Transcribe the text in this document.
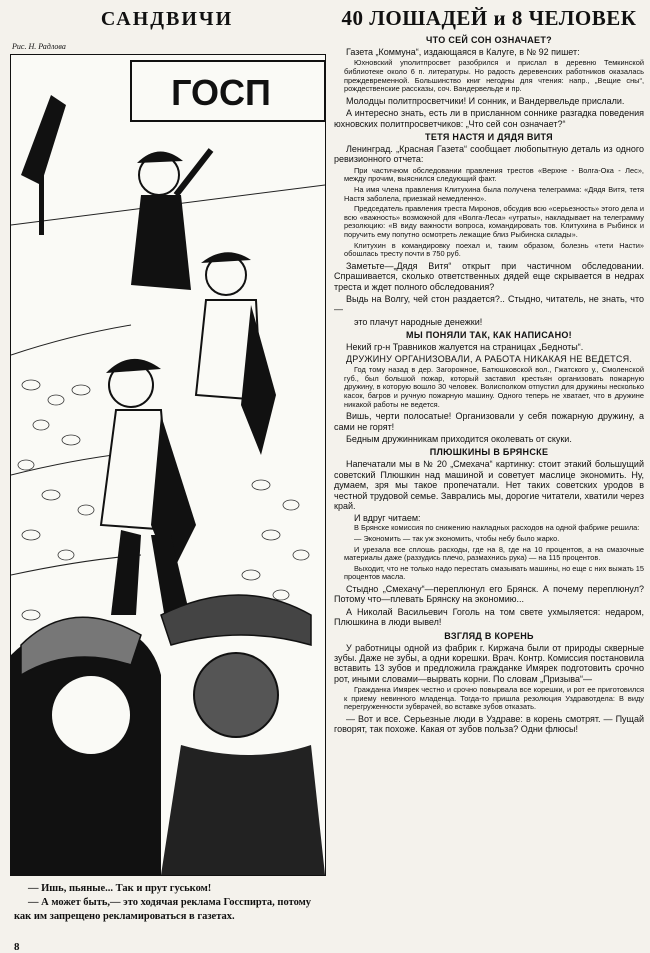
САНДВИЧИ
Рис. Н. Радлова
ГОСП

— Ишь, пьяные... Так и прут гуськом!

— А может быть,— это ходячая реклама Госспирта, потому как им запрещено рекламироваться в газетах.

8
40 ЛОШАДЕЙ и 8 ЧЕЛОВЕК
ЧТО СЕЙ СОН ОЗНАЧАЕТ?

Газета „Коммуна“, издающаяся в Калуге, в № 92 пишет:

Юхновский уполитпросвет разобрился и прислал в деревню Темкинской библиотеке около 6 п. литературы. Но радость деревенских работников оказалась преждевременной. Большинство книг негодны для чтения: напр., „Вещие сны“, рождественские рассказы, соч. Вандервельде и пр.

Молодцы политпросветчики! И сонник, и Вандервельде прислали.

А интересно знать, есть ли в присланном соннике разгадка поведения юхновских политпросветчиков: „Что сей сон означает?“

ТЕТЯ НАСТЯ И ДЯДЯ ВИТЯ

Ленинград. „Красная Газета“ сообщает любопытную деталь из одного ревизионного отчета:

При частичном обследовании правления трестов «Верхне - Волга-Ока - Лес», между прочим, выяснился следующий факт.

На имя члена правления Клитухина была получена телеграмма: «Дядя Витя, тетя Настя заболела, приезжай немедленно».

Председатель правления треста Миронов, обсудив всю «серьезность» этого дела и всю «важность» возможной для «Волга-Леса» «утраты», накладывает на телеграмму резолюцию: «В виду важности вопроса, командировать тов. Клитухина в Рыбинск и поручить ему попутно осмотреть лежащие близ Рыбинска склады».

Клитухин в командировку поехал и, таким образом, болезнь «тети Насти» обошлась тресту почти в 750 руб.

Заметьте—„Дядя Витя“ открыт при частичном обследовании. Спрашивается, сколько ответственных дядей еще скрывается в недрах треста и ждет полного обследования?

Выдь на Волгу, чей стон раздается?.. Стыдно, читатель, не знать, что—

это плачут народные денежки!

МЫ ПОНЯЛИ ТАК, КАК НАПИСАНО!

Некий гр-н Травников жалуется на страницах „Бедноты“.

ДРУЖИНУ ОРГАНИЗОВАЛИ, А РАБОТА НИКАКАЯ НЕ ВЕДЕТСЯ.

Год тому назад в дер. Загорожное, Батюшковской вол., Гжатского у., Смоленской губ., был большой пожар, который заставил крестьян организовать пожарную дружину, в которую вошло 30 человек. Волисполком отпустил для дружины несколько касок, багров и ручную пожарную машину. Одного теперь не хватает, что в дружине никакой работы не ведется.

Вишь, черти полосатые! Организовали у себя пожарную дружину, а сами не горят!

Бедным дружинникам приходится околевать от скуки.

ПЛЮШКИНЫ В БРЯНСКЕ

Напечатали мы в № 20 „Смехача“ картинку: стоит этакий большущий советский Плюшкин над машиной и советует маслице экономить. Ну, думаем, зря мы такое пропечатали. Нет таких советских уродов в честной трудовой семье. Заврались мы, дорогие читатели, хватили через край.

И вдруг читаем:

В Брянске комиссия по снижению накладных расходов на одной фабрике решила:

— Экономить — так уж экономить, чтобы небу было жарко.

И урезала все сплошь расходы, где на 8, где на 10 процентов, а на смазочные материалы даже (раззудись плечо, размахнись рука) — на 115 процентов.

Выходит, что не только надо перестать смазывать машины, но еще с них выжать 15 процентов масла.

Стыдно „Смехачу“—переплюнул его Брянск. А почему переплюнул? Потому что—плевать Брянску на экономию...

А Николай Васильевич Гоголь на том свете ухмыляется: недаром, Плюшкина в люди вывел!

ВЗГЛЯД В КОРЕНЬ

У работницы одной из фабрик г. Киржача были от природы скверные зубы. Даже не зубы, а одни корешки. Врач. Контр. Комиссия постановила вставить 13 зубов и предложила гражданке Имярек подготовить срочно рот, иными словами—вырвать корни. По словам „Призыва“—

Гражданка Имярек честно и срочно повырвала все корешки, и рот ее приготовился к приему невинного младенца. Тогда-то пришла резолюция Уздравотдела: В виду перегруженности зубврачей, во вставке зубов отказать.

— Вот и все. Серьезные люди в Уздраве: в корень смотрят. — Пущай говорят, так похоже. Какая от зубов польза? Одни флюсы!
